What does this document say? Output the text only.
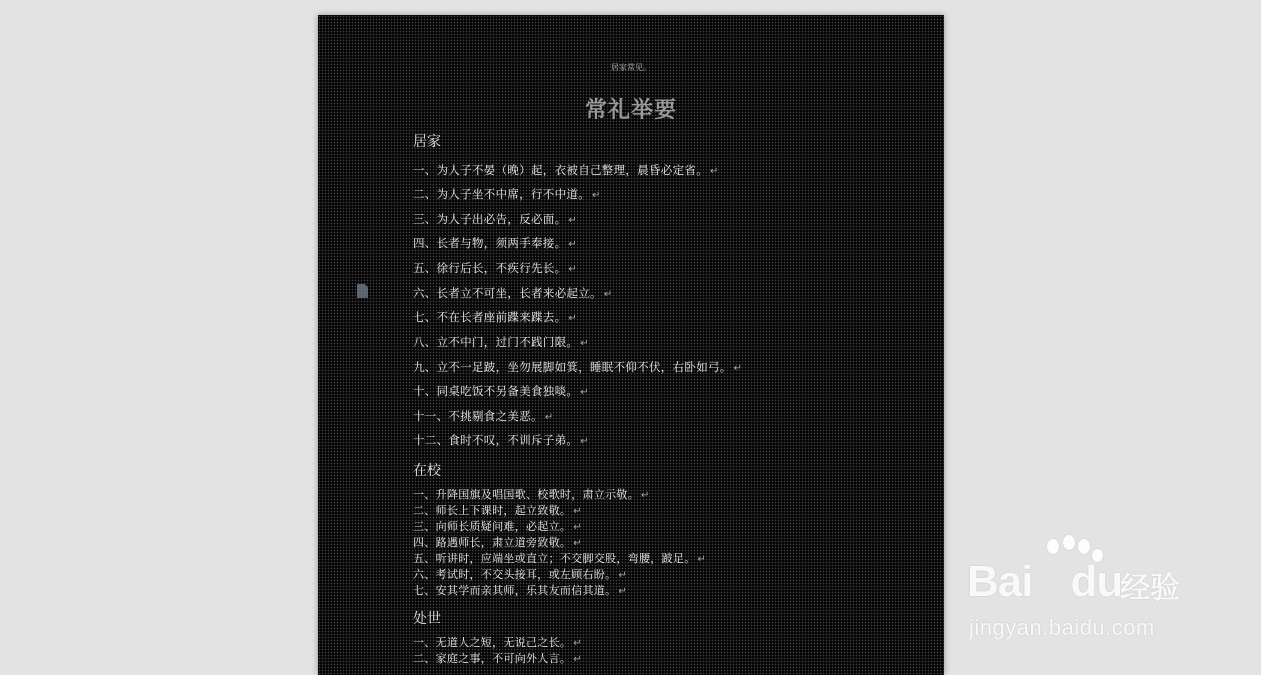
居家常见。
常礼举要
居家
一、为人子不晏（晚）起，衣被自己整理，晨昏必定省。 ↵
二、为人子坐不中席，行不中道。 ↵
三、为人子出必告，反必面。 ↵
四、长者与物，须两手奉接。 ↵
五、徐行后长，不疾行先长。 ↵
六、长者立不可坐，长者来必起立。 ↵
七、不在长者座前蹀来蹀去。 ↵
八、立不中门，过门不践门限。 ↵
九、立不一足跛，坐勿展脚如箕，睡眠不仰不伏，右卧如弓。 ↵
十、同桌吃饭不另备美食独啖。 ↵
十一、不挑剔食之美恶。 ↵
十二、食时不叹，不训斥子弟。 ↵
在校
一、升降国旗及唱国歌、校歌时，肃立示敬。 ↵
二、师长上下课时，起立致敬。 ↵
三、向师长质疑问难，必起立。 ↵
四、路遇师长，肃立道旁致敬。 ↵
五、听讲时，应端坐或直立；不交脚交股，弯腰，跛足。 ↵
六、考试时，不交头接耳，或左顾右盼。 ↵
七、安其学而亲其师，乐其友而信其道。 ↵
处世
一、无道人之短，无说己之长。 ↵
二、家庭之事，不可向外人言。 ↵
Bai du
经验
jingyan.baidu.com
